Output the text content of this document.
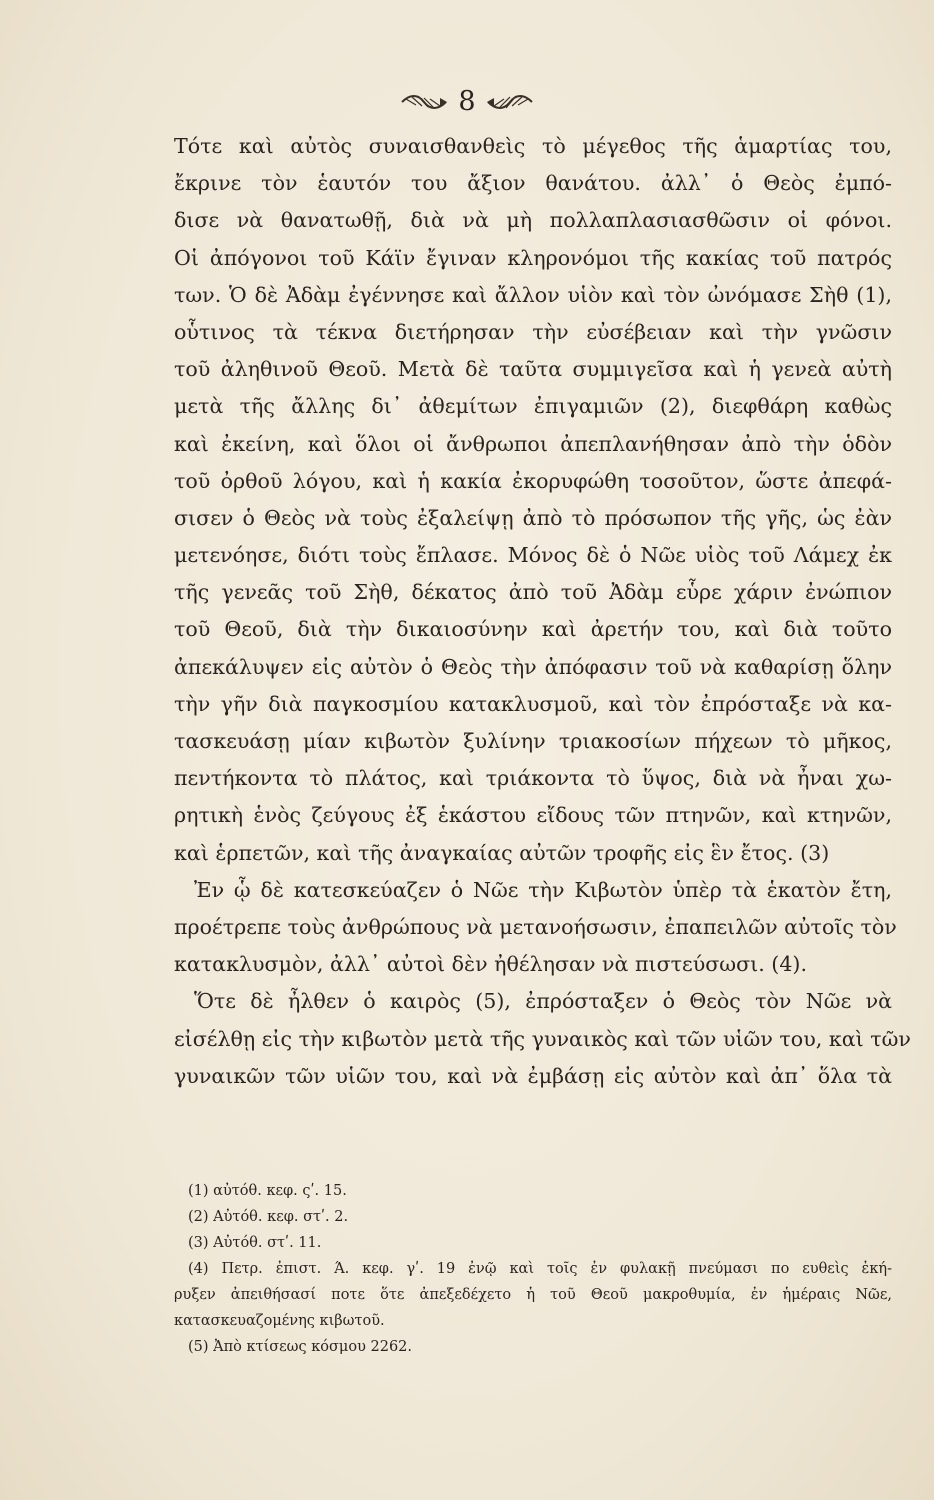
8
Τότε καὶ αὐτὸς συναισθανθεὶς τὸ μέγεθος τῆς ἁμαρτίας του,
ἔκρινε τὸν ἑαυτόν του ἄξιον θανάτου. ἀλλ᾽ ὁ Θεὸς ἐμπό-
δισε νὰ θανατωθῇ, διὰ νὰ μὴ πολλαπλασιασθῶσιν οἱ φόνοι.
Οἱ ἀπόγονοι τοῦ Κάϊν ἔγιναν κληρονόμοι τῆς κακίας τοῦ πατρός
των. Ὁ δὲ Ἀδὰμ ἐγέννησε καὶ ἄλλον υἱὸν καὶ τὸν ὠνόμασε Σὴθ (1),
οὗτινος τὰ τέκνα διετήρησαν τὴν εὐσέβειαν καὶ τὴν γνῶσιν
τοῦ ἀληθινοῦ Θεοῦ. Μετὰ δὲ ταῦτα συμμιγεῖσα καὶ ἡ γενεὰ αὐτὴ
μετὰ τῆς ἄλλης δι᾽ ἀθεμίτων ἐπιγαμιῶν (2), διεφθάρη καθὼς
καὶ ἐκείνη, καὶ ὅλοι οἱ ἄνθρωποι ἀπεπλανήθησαν ἀπὸ τὴν ὁδὸν
τοῦ ὀρθοῦ λόγου, καὶ ἡ κακία ἐκορυφώθη τοσοῦτον, ὥστε ἀπεφά-
σισεν ὁ Θεὸς νὰ τοὺς ἐξαλείψῃ ἀπὸ τὸ πρόσωπον τῆς γῆς, ὡς ἐὰν
μετενόησε, διότι τοὺς ἔπλασε. Μόνος δὲ ὁ Νῶε υἱὸς τοῦ Λάμεχ ἐκ
τῆς γενεᾶς τοῦ Σὴθ, δέκατος ἀπὸ τοῦ Ἀδὰμ εὗρε χάριν ἐνώπιον
τοῦ Θεοῦ, διὰ τὴν δικαιοσύνην καὶ ἀρετήν του, καὶ διὰ τοῦτο
ἀπεκάλυψεν εἰς αὐτὸν ὁ Θεὸς τὴν ἀπόφασιν τοῦ νὰ καθαρίσῃ ὅλην
τὴν γῆν διὰ παγκοσμίου κατακλυσμοῦ, καὶ τὸν ἐπρόσταξε νὰ κα-
τασκευάσῃ μίαν κιβωτὸν ξυλίνην τριακοσίων πήχεων τὸ μῆκος,
πεντήκοντα τὸ πλάτος, καὶ τριάκοντα τὸ ὕψος, διὰ νὰ ἦναι χω-
ρητικὴ ἑνὸς ζεύγους ἐξ ἑκάστου εἴδους τῶν πτηνῶν, καὶ κτηνῶν,
καὶ ἑρπετῶν, καὶ τῆς ἀναγκαίας αὐτῶν τροφῆς εἰς ἓν ἔτος. (3)
Ἐν ᾧ δὲ κατεσκεύαζεν ὁ Νῶε τὴν Κιβωτὸν ὑπὲρ τὰ ἑκατὸν ἔτη,
προέτρεπε τοὺς ἀνθρώπους νὰ μετανοήσωσιν, ἐπαπειλῶν αὐτοῖς τὸν
κατακλυσμὸν, ἀλλ᾽ αὐτοὶ δὲν ἠθέλησαν νὰ πιστεύσωσι. (4).
Ὅτε δὲ ἦλθεν ὁ καιρὸς (5), ἐπρόσταξεν ὁ Θεὸς τὸν Νῶε νὰ
εἰσέλθῃ εἰς τὴν κιβωτὸν μετὰ τῆς γυναικὸς καὶ τῶν υἱῶν του, καὶ τῶν
γυναικῶν τῶν υἱῶν του, καὶ νὰ ἐμβάσῃ εἰς αὐτὸν καὶ ἀπ᾽ ὅλα τὰ
(1) αὐτόθ. κεφ. ςʹ. 15.
(2) Αὐτόθ. κεφ. στʹ. 2.
(3) Αὐτόθ. στʹ. 11.
(4) Πετρ. ἐπιστ. Ά. κεφ. γʹ. 19 ἐνῷ καὶ τοῖς ἐν φυλακῇ πνεύμασι πο ευθεὶς ἐκή-
ρυξεν ἀπειθήσασί ποτε ὅτε ἀπεξεδέχετο ἡ τοῦ Θεοῦ μακροθυμία, ἐν ἡμέραις Νῶε,
κατασκευαζομένης κιβωτοῦ.
(5) Ἀπὸ κτίσεως κόσμου 2262.
